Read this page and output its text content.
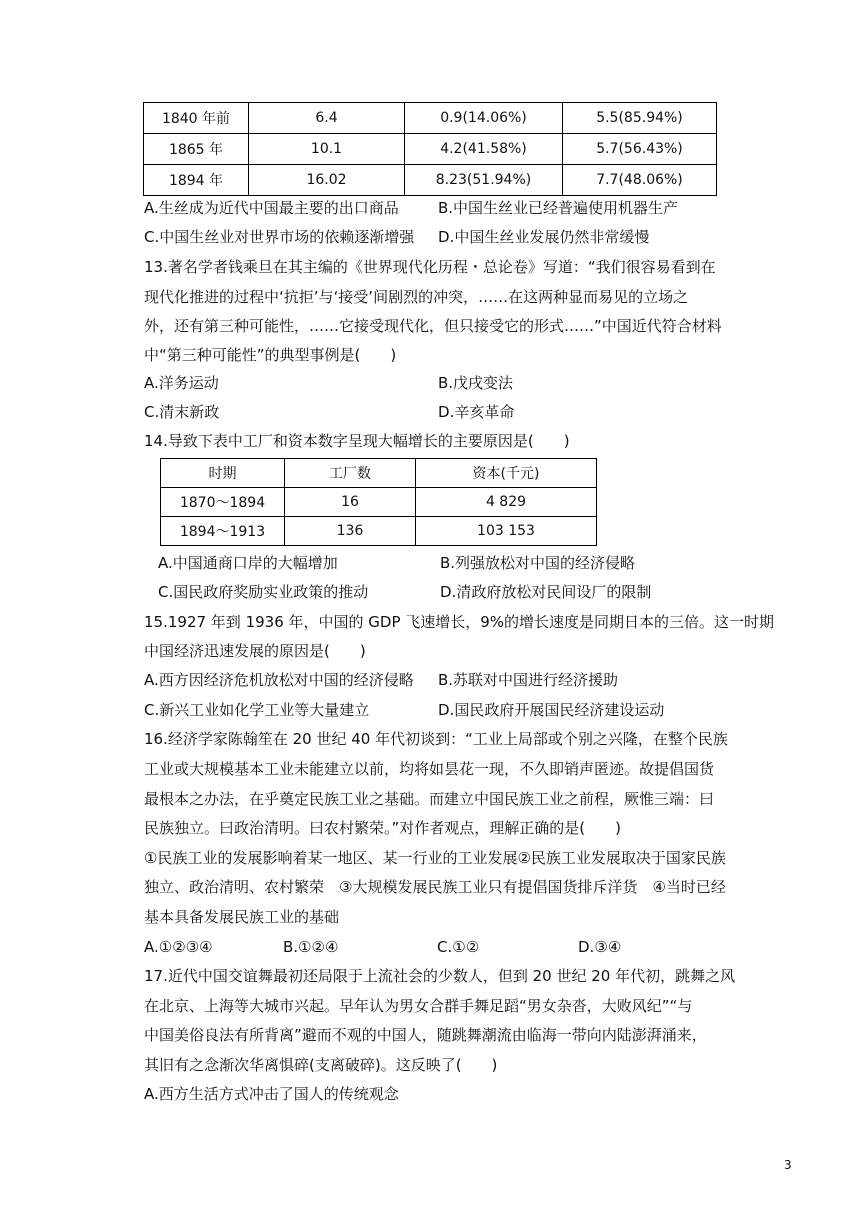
1840 年前	6.4	0.9(14.06%)	5.5(85.94%)
1865 年	10.1	4.2(41.58%)	5.7(56.43%)
1894 年	16.02	8.23(51.94%)	7.7(48.06%)
A.生丝成为近代中国最主要的出口商品	B.中国生丝业已经普遍使用机器生产
C.中国生丝业对世界市场的依赖逐渐增强 D.中国生丝业发展仍然非常缓慢
13.著名学者钱乘旦在其主编的《世界现代化历程・总论卷》写道：“我们很容易看到在
现代化推进的过程中‘抗拒’与‘接受’间剧烈的冲突，……在这两种显而易见的立场之
外，还有第三种可能性，……它接受现代化，但只接受它的形式……”中国近代符合材料
中“第三种可能性”的典型事例是(　　)
A.洋务运动	B.戊戌变法
C.清末新政	D.辛亥革命
14.导致下表中工厂和资本数字呈现大幅增长的主要原因是(　　)
时期	工厂数	资本(千元)
1870～1894	16	4 829
1894～1913	136	103 153
A.中国通商口岸的大幅增加	B.列强放松对中国的经济侵略
C.国民政府奖励实业政策的推动	D.清政府放松对民间设厂的限制
15.1927 年到 1936 年，中国的 GDP 飞速增长，9%的增长速度是同期日本的三倍。这一时期
中国经济迅速发展的原因是(　　)
A.西方因经济危机放松对中国的经济侵略 B.苏联对中国进行经济援助
C.新兴工业如化学工业等大量建立	D.国民政府开展国民经济建设运动
16.经济学家陈翰笙在 20 世纪 40 年代初谈到：“工业上局部或个别之兴隆，在整个民族
工业或大规模基本工业未能建立以前，均将如昙花一现，不久即销声匿迹。故提倡国货
最根本之办法，在乎奠定民族工业之基础。而建立中国民族工业之前程，厥惟三端：曰
民族独立。曰政治清明。曰农村繁荣。”对作者观点，理解正确的是(　　)
①民族工业的发展影响着某一地区、某一行业的工业发展②民族工业发展取决于国家民族
独立、政治清明、农村繁荣　③大规模发展民族工业只有提倡国货排斥洋货　④当时已经
基本具备发展民族工业的基础
A.①②③④	B.①②④	C.①②	D.③④
17.近代中国交谊舞最初还局限于上流社会的少数人，但到 20 世纪 20 年代初，跳舞之风
在北京、上海等大城市兴起。早年认为男女合群手舞足蹈“男女杂沓，大败风纪”“与
中国美俗良法有所背离”避而不观的中国人，随跳舞潮流由临海一带向内陆澎湃涌来，
其旧有之念渐次华离惧碎(支离破碎)。这反映了(　　)
A.西方生活方式冲击了国人的传统观念
3
